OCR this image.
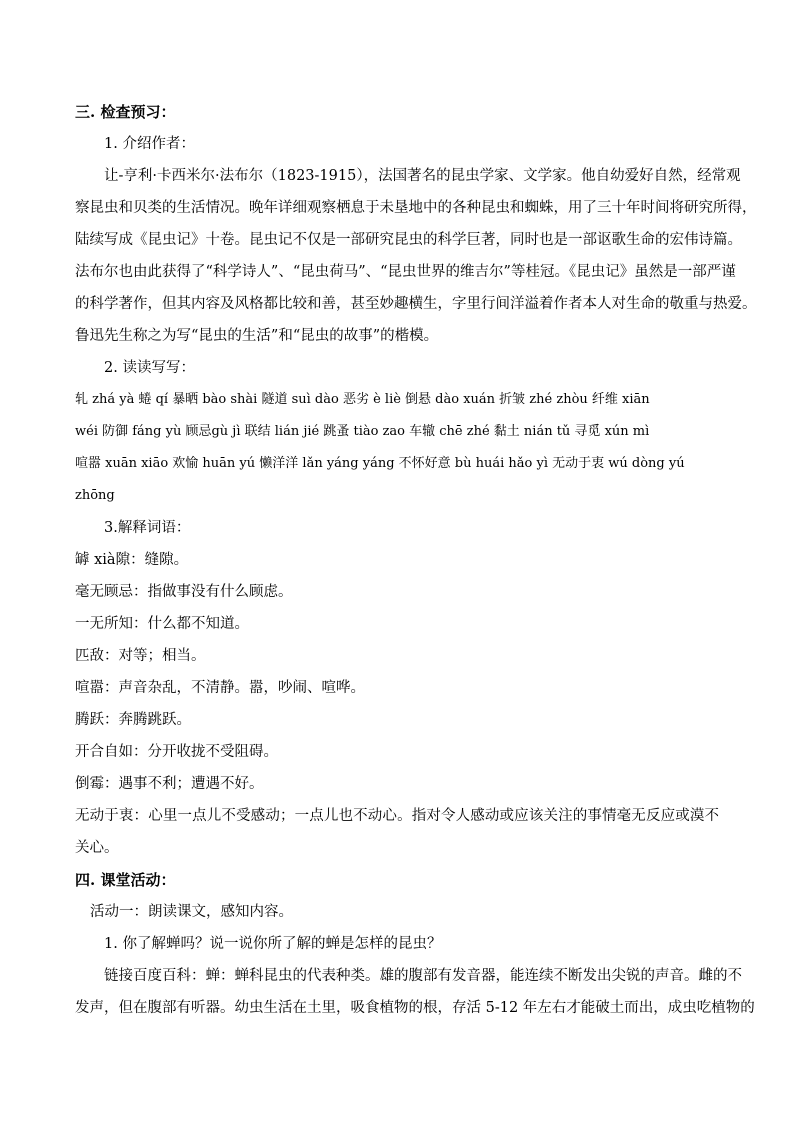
三. 检查预习：
1. 介绍作者：
让-亨利·卡西米尔·法布尔（1823-1915），法国著名的昆虫学家、文学家。他自幼爱好自然，经常观
察昆虫和贝类的生活情况。晚年详细观察栖息于未垦地中的各种昆虫和蜘蛛，用了三十年时间将研究所得，
陆续写成《昆虫记》十卷。昆虫记不仅是一部研究昆虫的科学巨著，同时也是一部讴歌生命的宏伟诗篇。
法布尔也由此获得了“科学诗人”、“昆虫荷马”、“昆虫世界的维吉尔”等桂冠。《昆虫记》虽然是一部严谨
的科学著作，但其内容及风格都比较和善，甚至妙趣横生，字里行间洋溢着作者本人对生命的敬重与热爱。
鲁迅先生称之为写“昆虫的生活”和“昆虫的故事”的楷模。
2. 读读写写：
轧 zhá yà 蜷 qí 暴晒 bào shài 隧道 suì dào 恶劣 è liè 倒悬 dào xuán 折皱 zhé zhòu 纤维 xiān
wéi 防御 fáng yù 顾忌gù jì 联结 lián jié 跳蚤 tiào zao 车辙 chē zhé 黏土 nián tǔ 寻觅 xún mì
喧嚣 xuān xiāo 欢愉 huān yú 懒洋洋 lǎn yáng yáng 不怀好意 bù huái hǎo yì 无动于衷 wú dòng yú
zhōng
3.解释词语：
罅 xià隙：缝隙。
毫无顾忌：指做事没有什么顾虑。
一无所知：什么都不知道。
匹敌：对等；相当。
喧嚣：声音杂乱，不清静。嚣，吵闹、喧哗。
腾跃：奔腾跳跃。
开合自如：分开收拢不受阻碍。
倒霉：遇事不利；遭遇不好。
无动于衷：心里一点儿不受感动；一点儿也不动心。指对令人感动或应该关注的事情毫无反应或漠不
关心。
四. 课堂活动：
活动一：朗读课文，感知内容。
1. 你了解蝉吗？说一说你所了解的蝉是怎样的昆虫？
链接百度百科：蝉：蝉科昆虫的代表种类。雄的腹部有发音器，能连续不断发出尖锐的声音。雌的不
发声，但在腹部有听器。幼虫生活在土里，吸食植物的根，存活 5-12 年左右才能破土而出，成虫吃植物的
